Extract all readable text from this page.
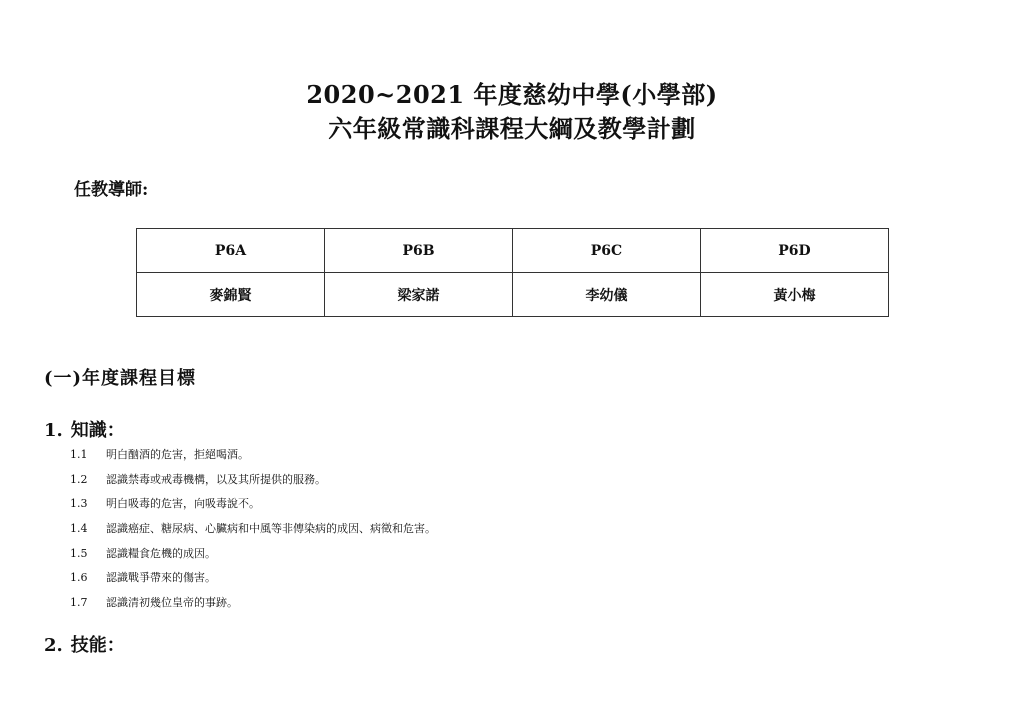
2020~2021 年度慈幼中學(小學部)
六年級常識科課程大綱及教學計劃
任教導師:
P6A	P6B	P6C	P6D
麥錦賢	梁家諾	李幼儀	黃小梅
(一)年度課程目標
1. 知識：
1.1	明白酗酒的危害，拒絕喝酒。
1.2	認識禁毒或戒毒機構，以及其所提供的服務。
1.3	明白吸毒的危害，向吸毒說不。
1.4	認識癌症、糖尿病、心臟病和中風等非傳染病的成因、病徵和危害。
1.5	認識糧食危機的成因。
1.6	認識戰爭帶來的傷害。
1.7	認識清初幾位皇帝的事跡。
2. 技能：
